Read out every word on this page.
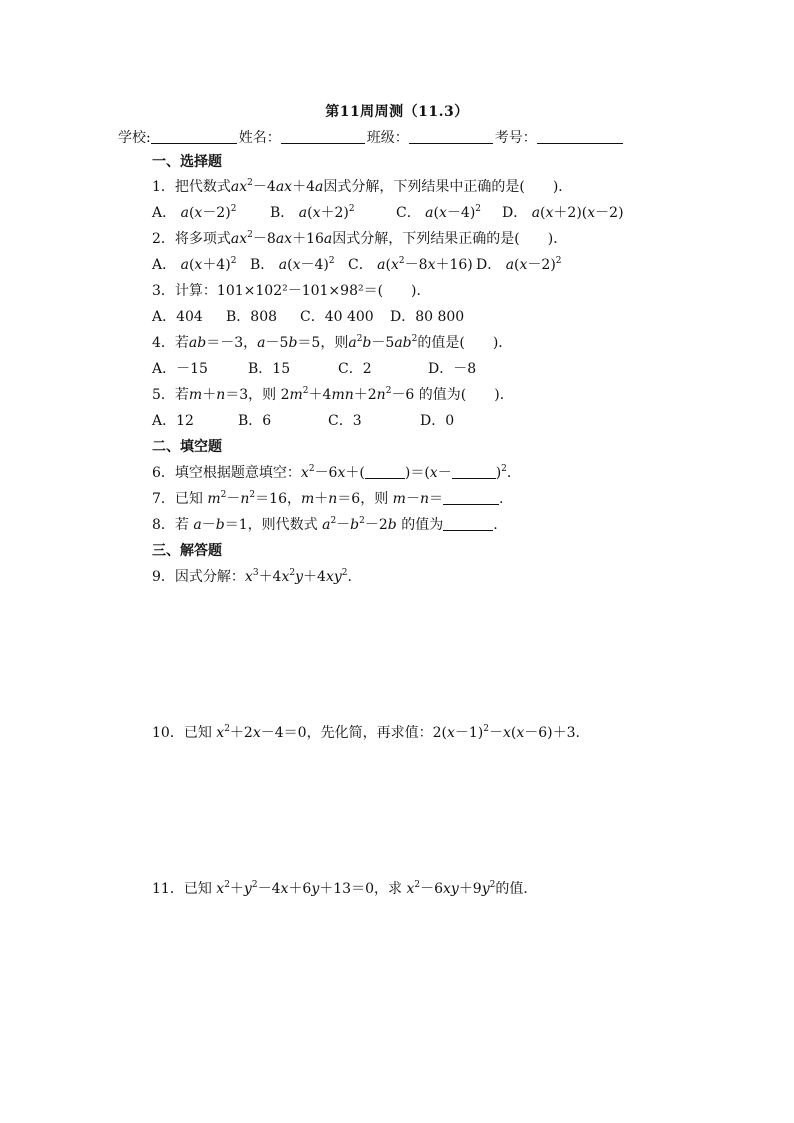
第11周周测（11.3）
学校:	姓名：	班级：	考号：
一、选择题
1．把代数式$ax^2-4ax+4a$因式分解，下列结果中正确的是(　　)．
A． $a(x-2)^2$ B． $a(x+2)^2$	C． $a(x-4)^2$ D． a(x＋2)(x－2)
2．将多项式$ax^2-8ax+16a$因式分解，下列结果正确的是(　　)．
A． $a(x+4)^2$ B． $a(x-4)^2$ C． $a(x^2-8x+16)$ D． $a(x-2)^2$
3．计算：101×102²－101×98²＝(　　)．
A．404 B．808 C．40 400 D．80 800
4．若ab＝－3，a－5b＝5，则$a^2b-5ab^2$的值是(　　)．
A．－15	B．15	C．2	D．－8
5．若m＋n＝3，则 $2m^2+4mn+2n^2-6$ 的值为(　　)．
A．12	B．6	C．3	D．0
二、填空题
6．填空根据题意填空：$x^2-6x+$(	)＝(x－	)$^2$.
7．已知 $m^2-n^2=16$，m＋n＝6，则 m－n＝	.
8．若 a－b＝1，则代数式 $a^2-b^2-2b$ 的值为	.
三、解答题
9．因式分解：$x^3+4x^2y+4xy^2$.
10．已知 $x^2+2x-4=0$，先化简，再求值：$2(x-1)^2-x(x-6)+3$.
11．已知 $x^2+y^2-4x+6y+13=0$，求 $x^2-6xy+9y^2$的值．
